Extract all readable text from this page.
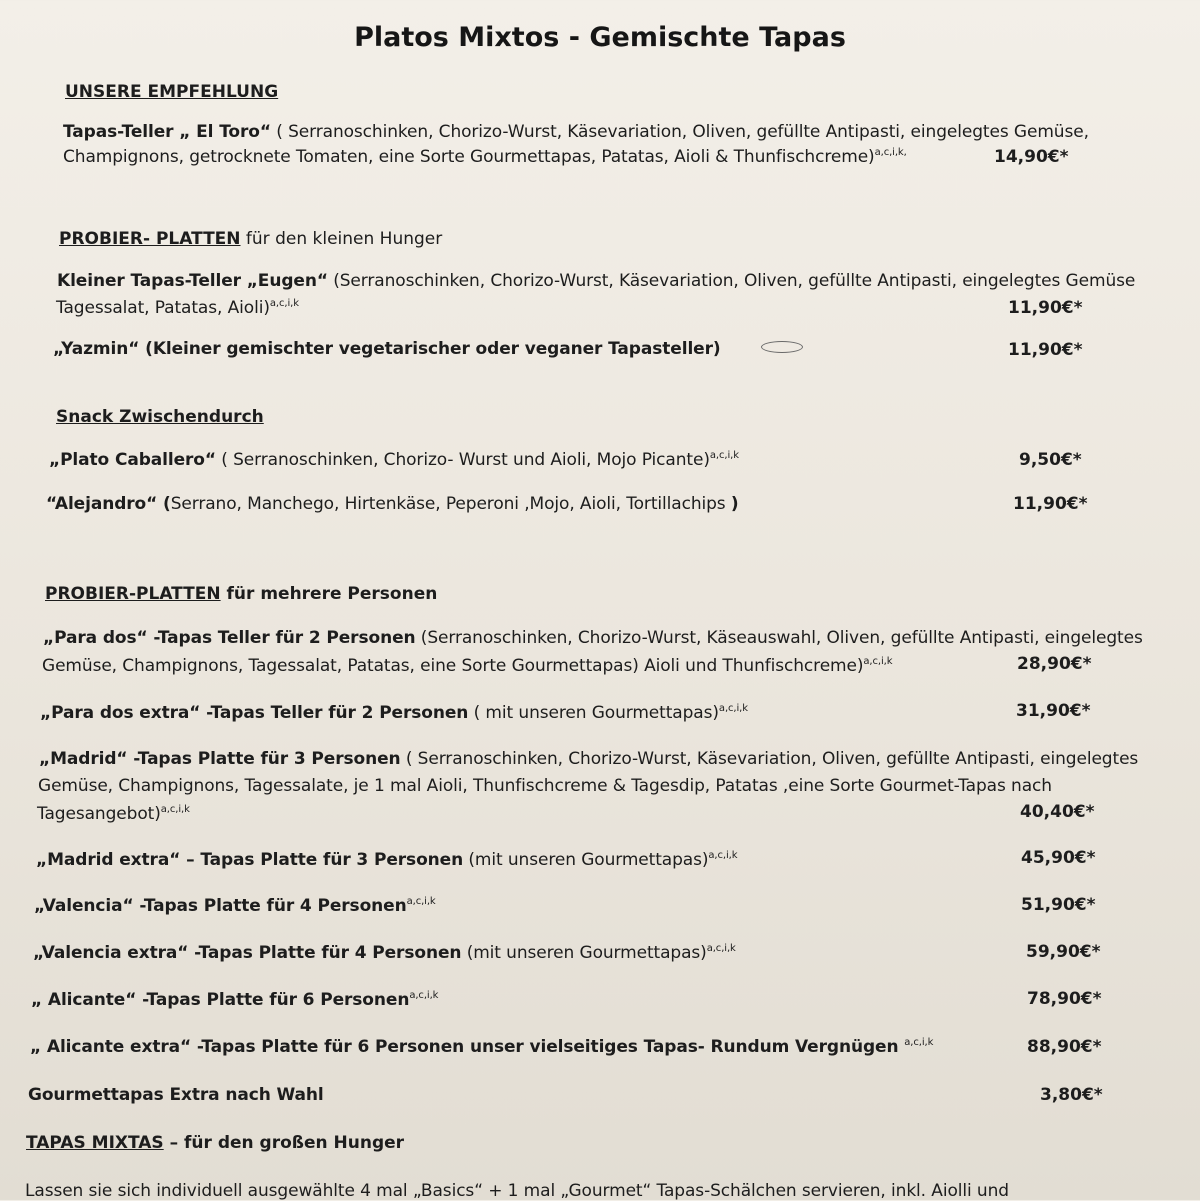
Platos Mixtos - Gemischte Tapas
UNSERE EMPFEHLUNG
Tapas-Teller „ El Toro“ ( Serranoschinken, Chorizo-Wurst, Käsevariation, Oliven, gefüllte Antipasti, eingelegtes Gemüse,
Champignons, getrocknete Tomaten, eine Sorte Gourmettapas, Patatas, Aioli & Thunfischcreme)$^{a,c,i,k,}$	14,90€*
PROBIER- PLATTEN für den kleinen Hunger
Kleiner Tapas-Teller „Eugen“ (Serranoschinken, Chorizo-Wurst, Käsevariation, Oliven, gefüllte Antipasti, eingelegtes Gemüse
Tagessalat, Patatas, Aioli)$^{a,c,i,k}$	11,90€*
„Yazmin“ (Kleiner gemischter vegetarischer oder veganer Tapasteller)	11,90€*
Snack Zwischendurch
„Plato Caballero“ ( Serranoschinken, Chorizo- Wurst und Aioli, Mojo Picante)$^{a,c,i,k}$	9,50€*
“Alejandro“ (Serrano, Manchego, Hirtenkäse, Peperoni ,Mojo, Aioli, Tortillachips )	11,90€*
PROBIER-PLATTEN für mehrere Personen
„Para dos“ -Tapas Teller für 2 Personen (Serranoschinken, Chorizo-Wurst, Käseauswahl, Oliven, gefüllte Antipasti, eingelegtes
Gemüse, Champignons, Tagessalat, Patatas, eine Sorte Gourmettapas) Aioli und Thunfischcreme)$^{a,c,i,k}$	28,90€*
„Para dos extra“ -Tapas Teller für 2 Personen ( mit unseren Gourmettapas)$^{a,c,i,k}$	31,90€*
„Madrid“ -Tapas Platte für 3 Personen ( Serranoschinken, Chorizo-Wurst, Käsevariation, Oliven, gefüllte Antipasti, eingelegtes
Gemüse, Champignons, Tagessalate, je 1 mal Aioli, Thunfischcreme & Tagesdip, Patatas ,eine Sorte Gourmet-Tapas nach
Tagesangebot)$^{a,c,i,k}$	40,40€*
„Madrid extra“ – Tapas Platte für 3 Personen (mit unseren Gourmettapas)$^{a,c,i,k}$	45,90€*
„Valencia“ -Tapas Platte für 4 Personen$^{a,c,i,k}$	51,90€*
„Valencia extra“ -Tapas Platte für 4 Personen (mit unseren Gourmettapas)$^{a,c,i,k}$	59,90€*
„ Alicante“ -Tapas Platte für 6 Personen$^{a,c,i,k}$	78,90€*
„ Alicante extra“ -Tapas Platte für 6 Personen unser vielseitiges Tapas- Rundum Vergnügen $^{a,c,i,k}$	88,90€*
Gourmettapas Extra nach Wahl	3,80€*
TAPAS MIXTAS – für den großen Hunger
Lassen sie sich individuell ausgewählte 4 mal „Basics“ + 1 mal „Gourmet“ Tapas-Schälchen servieren, inkl. Aiolli und
